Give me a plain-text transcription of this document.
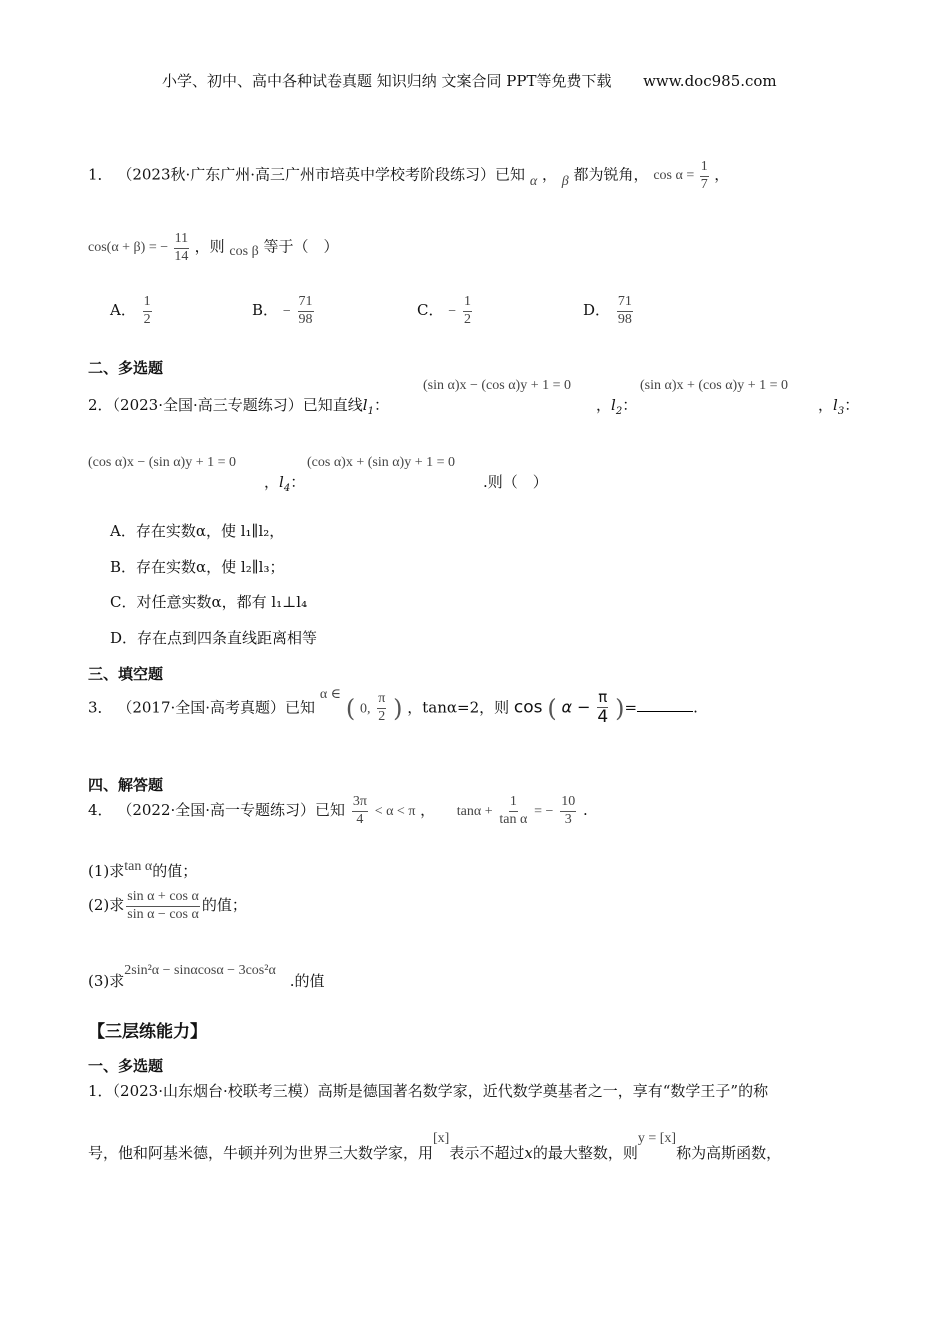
小学、初中、高中各种试卷真题 知识归纳 文案合同 PPT等免费下载 www.doc985.com
1． （2023秋·广东广州·高三广州市培英中学校考阶段练习）已知 α ， β 都为锐角， $\cos \alpha = \frac{1}{7}$ ，
cos(α + β) = − $\frac{11}{14}$ ，则 cos β 等于（　）
A． $\frac{1}{2}$	B． − $\frac{71}{98}$	C． − $\frac{1}{2}$	D． $\frac{71}{98}$
二、多选题
2．（2023·全国·高三专题练习）已知直线$l_1$：
(sin α)x − (cos α)y + 1 = 0
，$l_2$：
(sin α)x + (cos α)y + 1 = 0
，$l_3$：
(cos α)x − (sin α)y + 1 = 0
，$l_4$：
(cos α)x + (sin α)y + 1 = 0
.则（　）
A．存在实数α，使 l₁∥l₂，
B．存在实数α，使 l₂∥l₃；
C．对任意实数α，都有 l₁⊥l₄
D．存在点到四条直线距离相等
三、填空题
3． （2017·全国·高考真题）已知 α ∈ ( 0, $\frac{\pi}{2}$ ) ，tanα=2，则 cos ( $\alpha - \frac{\pi}{4}$ )=	.
四、解答题
4． （2022·全国·高一专题练习）已知 $\frac{3\pi}{4} < \alpha < \pi$ ， $\tan\alpha + \frac{1}{\text{tan α}}$ = − $\frac{10}{3}$ .
(1)求tan α的值；
(2)求 $\frac{\text{sin α + cos α}}{\text{sin α − cos α}}$ 的值；
(3)求2sin²α − sinαcosα − 3cos²α.的值
【三层练能力】
一、多选题
1．（2023·山东烟台·校联考三模）高斯是德国著名数学家，近代数学奠基者之一，享有“数学王子”的称
号，他和阿基米德，牛顿并列为世界三大数学家，用[x]表示不超过x的最大整数，则y = [x]称为高斯函数，
